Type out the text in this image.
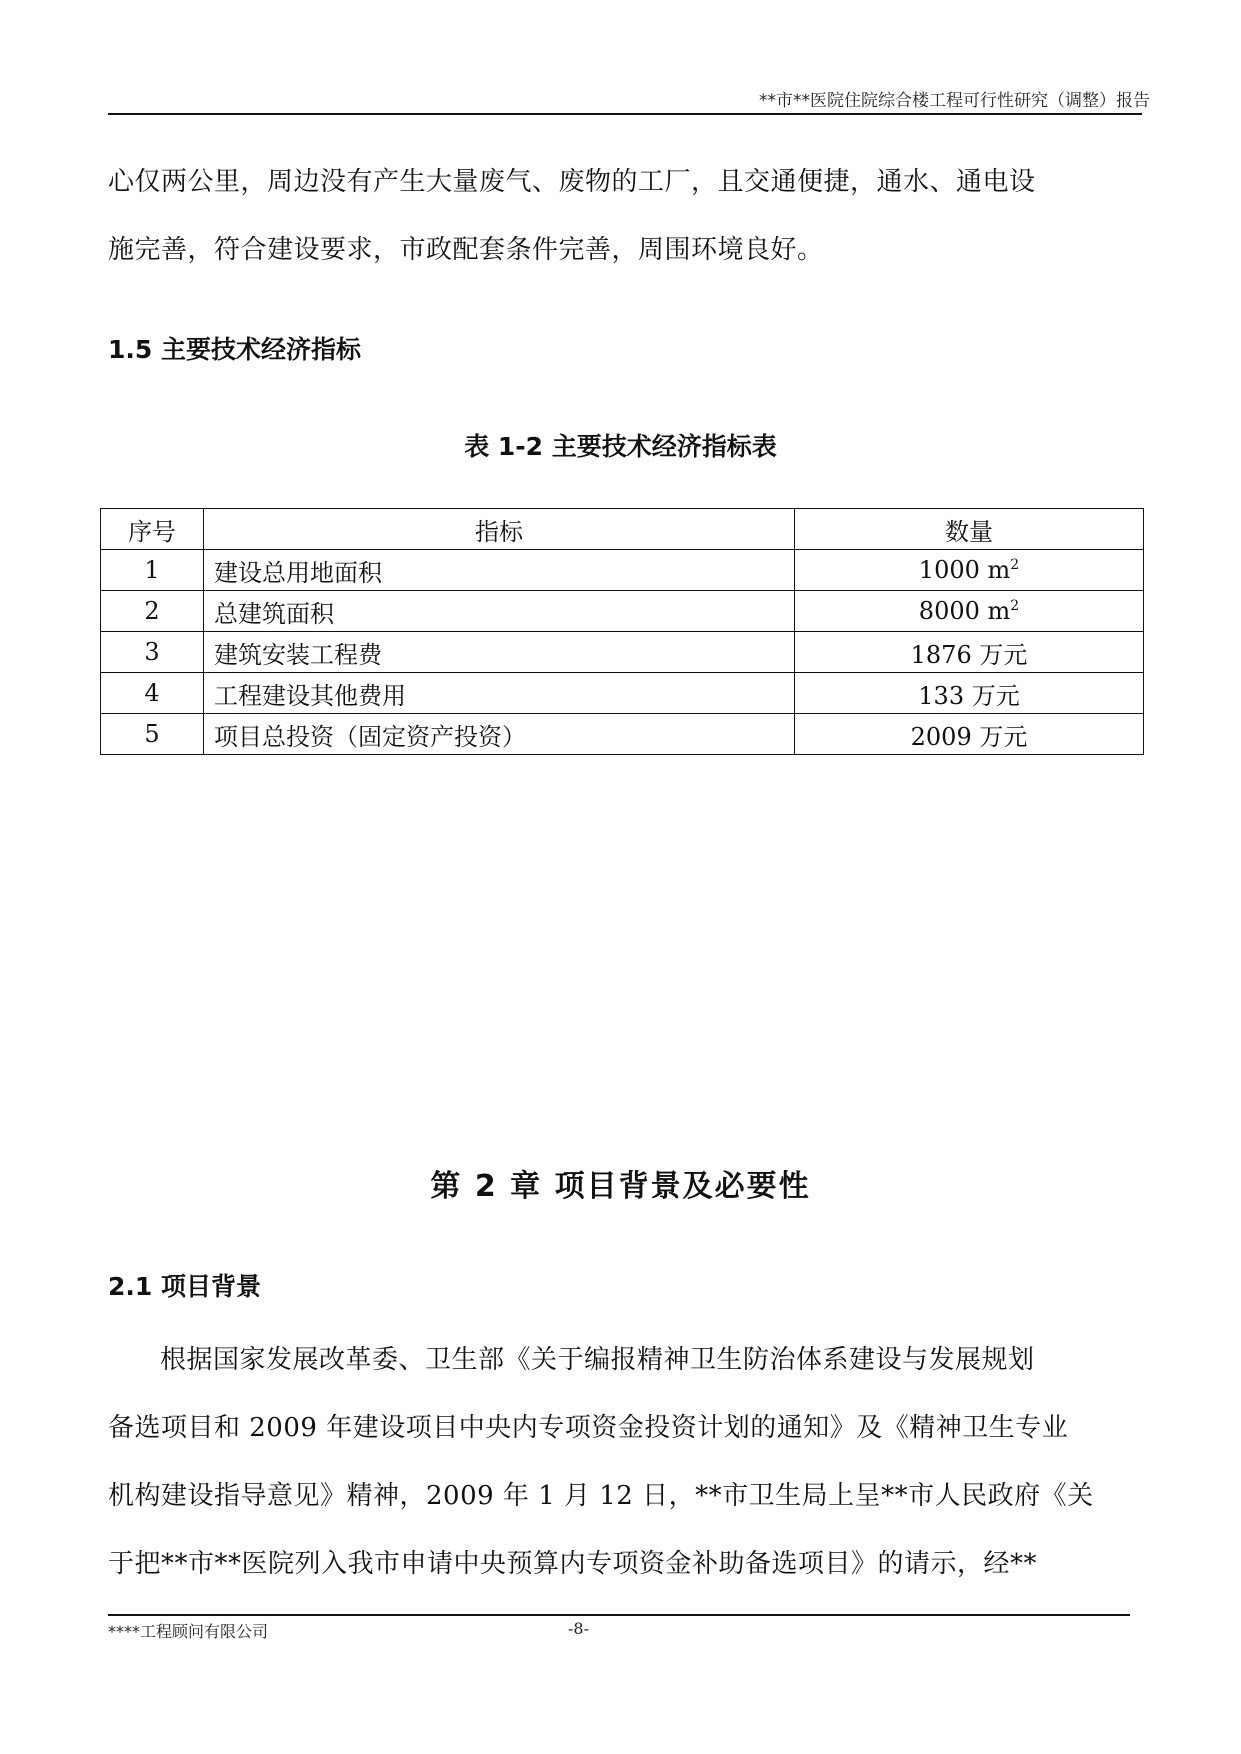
**市**医院住院综合楼工程可行性研究（调整）报告
心仅两公里，周边没有产生大量废气、废物的工厂，且交通便捷，通水、通电设
施完善，符合建设要求，市政配套条件完善，周围环境良好。
1.5 主要技术经济指标
表 1-2 主要技术经济指标表
序号	指标	数量
1	建设总用地面积	1000 $m^2$
2	总建筑面积	8000 $m^2$
3	建筑安装工程费	1876 万元
4	工程建设其他费用	133 万元
5	项目总投资（固定资产投资）	2009 万元
第 2 章 项目背景及必要性
2.1 项目背景
根据国家发展改革委、卫生部《关于编报精神卫生防治体系建设与发展规划
备选项目和 2009 年建设项目中央内专项资金投资计划的通知》及《精神卫生专业
机构建设指导意见》精神，2009 年 1 月 12 日，**市卫生局上呈**市人民政府《关
于把**市**医院列入我市申请中央预算内专项资金补助备选项目》的请示，经**
****工程顾问有限公司	-8-
